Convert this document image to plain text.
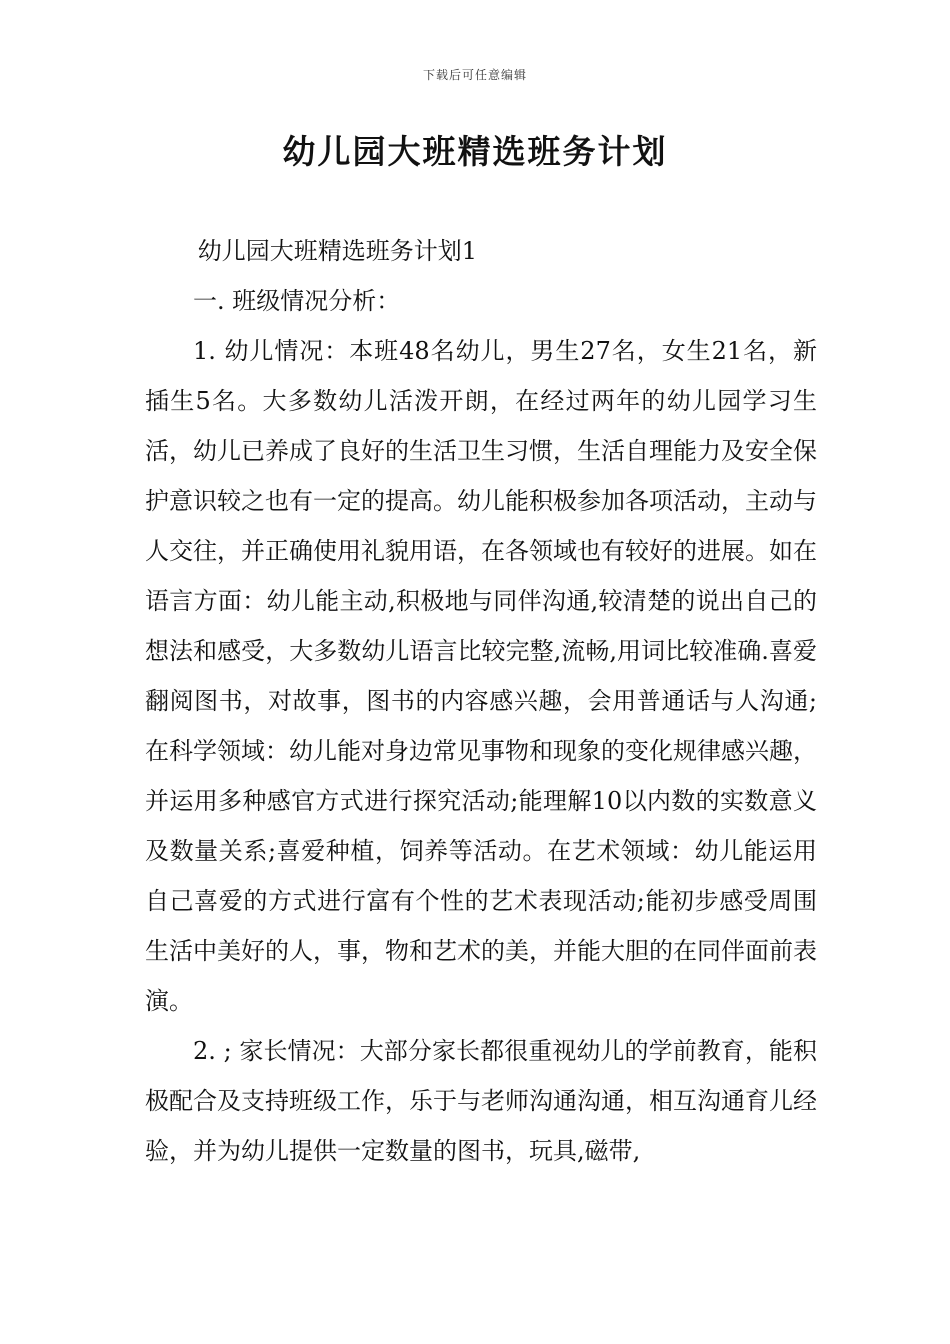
下载后可任意编辑
幼儿园大班精选班务计划

幼儿园大班精选班务计划1

一. 班级情况分析：

1. 幼儿情况：本班48名幼儿，男生27名，女生21名，新插生5名。大多数幼儿活泼开朗，在经过两年的幼儿园学习生活，幼儿已养成了良好的生活卫生习惯，生活自理能力及安全保护意识较之也有一定的提高。幼儿能积极参加各项活动，主动与人交往，并正确使用礼貌用语，在各领域也有较好的进展。如在语言方面：幼儿能主动,积极地与同伴沟通,较清楚的说出自己的想法和感受，大多数幼儿语言比较完整,流畅,用词比较准确.喜爱翻阅图书，对故事，图书的内容感兴趣，会用普通话与人沟通;在科学领域：幼儿能对身边常见事物和现象的变化规律感兴趣，并运用多种感官方式进行探究活动;能理解10以内数的实数意义及数量关系;喜爱种植，饲养等活动。在艺术领域：幼儿能运用自己喜爱的方式进行富有个性的艺术表现活动;能初步感受周围生活中美好的人，事，物和艺术的美，并能大胆的在同伴面前表演。

2. ; 家长情况：大部分家长都很重视幼儿的学前教育，能积极配合及支持班级工作，乐于与老师沟通沟通，相互沟通育儿经验，并为幼儿提供一定数量的图书，玩具,磁带,
